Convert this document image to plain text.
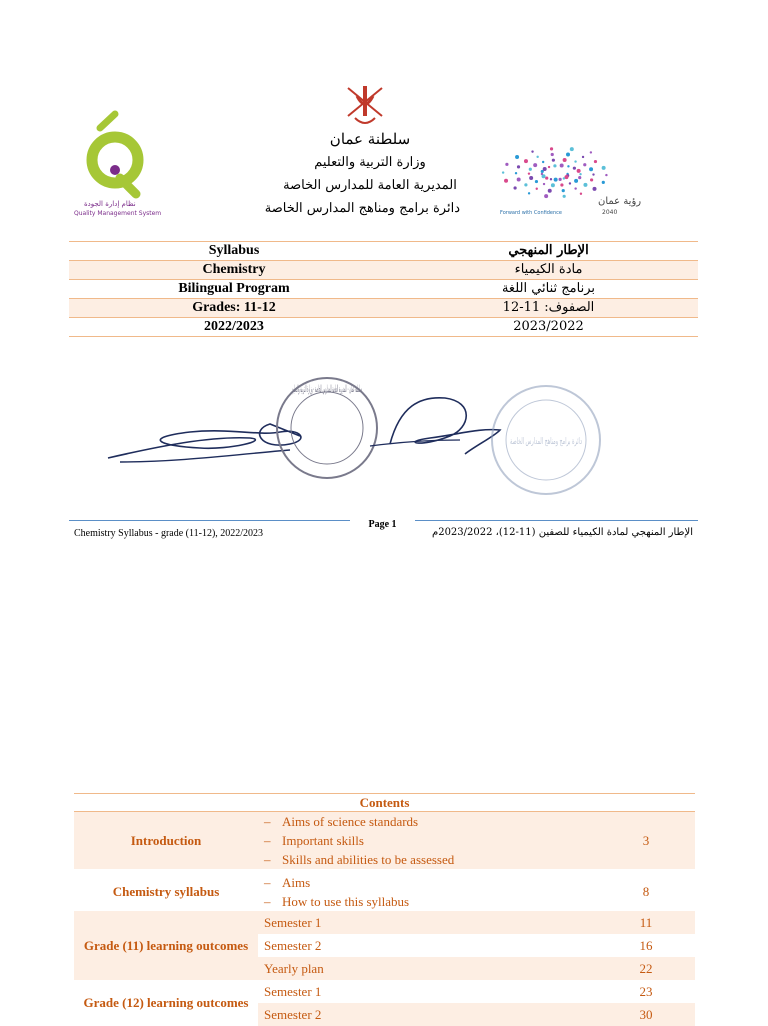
نظام إدارة الجودة
Quality Management System
سلطنة عمان
وزارة التربية والتعليم
المديرية العامة للمدارس الخاصة
دائرة برامج ومناهج المدارس الخاصة	رؤية عمان
2040
Forward with Confidence
Syllabus	الإطار المنهجي
Chemistry	مادة الكيمياء
Bilingual Program	برنامج ثنائي اللغة
Grades: 11-12	الصفوف: 11-12
2022/2023	2023/2022
سلطنة عمان - المديرية العامة للمدارس الخاصة - وزارة التربية والتعليم
دائرة برامج ومناهج المدارس الخاصة
Page 1
Chemistry Syllabus - grade (11-12), 2022/2023	الإطار المنهجي لمادة الكيمياء للصفين (11-12)، 2023/2022م
Contents		
Introduction	– Aims of science standards
– Important skills
– Skills and abilities to be assessed	3

Chemistry syllabus	– Aims
– How to use this syllabus	8
Grade (11) learning outcomes	Semester 1	11
	Semester 2	16
	Yearly plan	22
Grade (12) learning outcomes	Semester 1	23
	Semester 2	30
